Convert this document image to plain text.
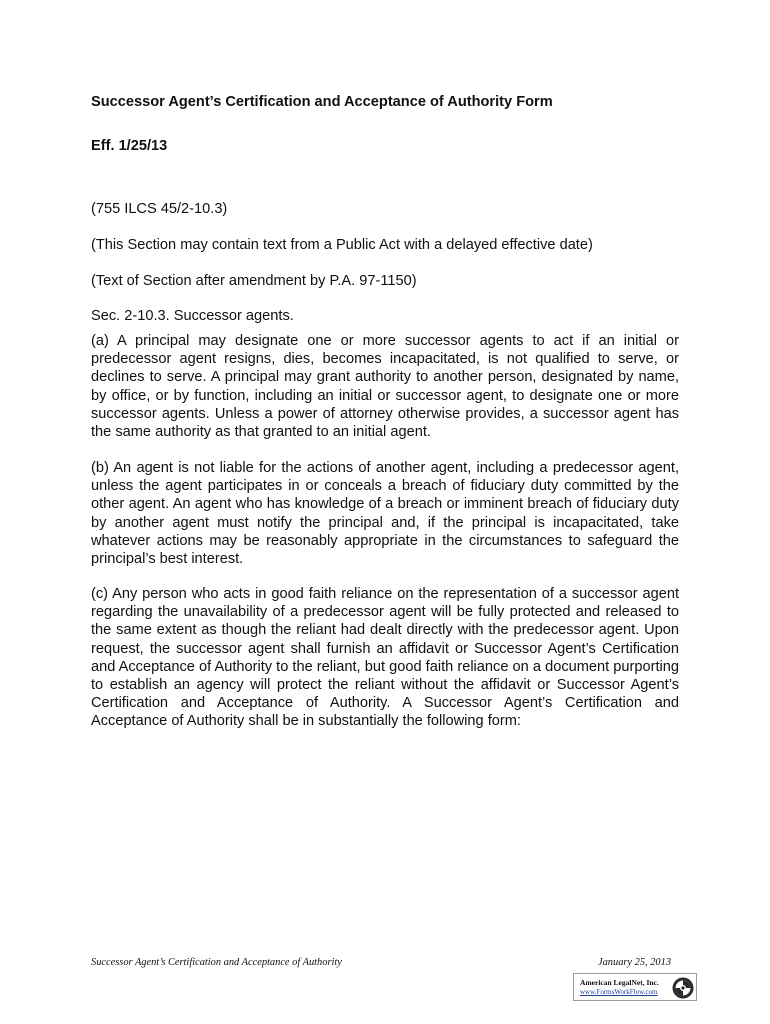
Successor Agent’s Certification and Acceptance of Authority Form

Eff. 1/25/13

(755 ILCS 45/2-10.3)

(This Section may contain text from a Public Act with a delayed effective date)

(Text of Section after amendment by P.A. 97-1150)

Sec. 2-10.3. Successor agents.

(a) A principal may designate one or more successor agents to act if an initial or predecessor agent resigns, dies, becomes incapacitated, is not qualified to serve, or declines to serve. A principal may grant authority to another person, designated by name, by office, or by function, including an initial or successor agent, to designate one or more successor agents. Unless a power of attorney otherwise provides, a successor agent has the same authority as that granted to an initial agent.

(b) An agent is not liable for the actions of another agent, including a predecessor agent, unless the agent participates in or conceals a breach of fiduciary duty committed by the other agent. An agent who has knowledge of a breach or imminent breach of fiduciary duty by another agent must notify the principal and, if the principal is incapacitated, take whatever actions may be reasonably appropriate in the circumstances to safeguard the principal’s best interest.

(c) Any person who acts in good faith reliance on the representation of a successor agent regarding the unavailability of a predecessor agent will be fully protected and released to the same extent as though the reliant had dealt directly with the predecessor agent. Upon request, the successor agent shall furnish an affidavit or Successor Agent’s Certification and Acceptance of Authority to the reliant, but good faith reliance on a document purporting to establish an agency will protect the reliant without the affidavit or Successor Agent’s Certification and Acceptance of Authority. A Successor Agent’s Certification and Acceptance of Authority shall be in substantially the following form:

Successor Agent’s Certification and Acceptance of Authority	January 25, 2013
American LegalNet, Inc.
www.FormsWorkFlow.com
